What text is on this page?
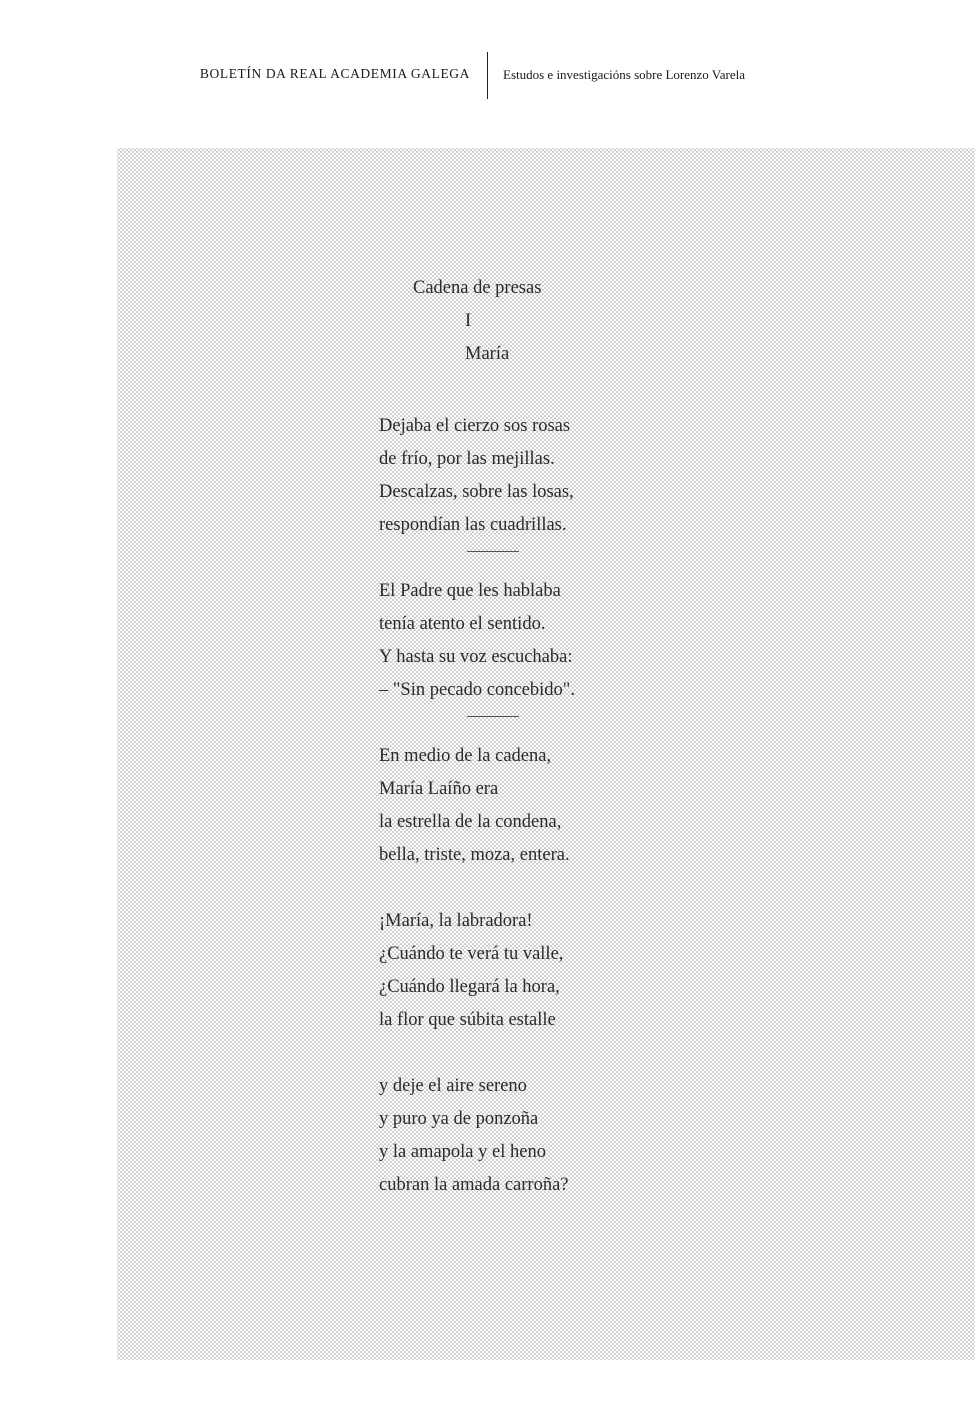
BOLETÍN DA REAL ACADEMIA GALEGA	Estudos e investigacións sobre Lorenzo Varela
Cadena de presas
I
María
Dejaba el cierzo sos rosas
de frío, por las mejillas.
Descalzas, sobre las losas,
respondían las cuadrillas.
El Padre que les hablaba
tenía atento el sentido.
Y hasta su voz escuchaba:
– "Sin pecado concebido".
En medio de la cadena,
María Laíño era
la estrella de la condena,
bella, triste, moza, entera.
¡María, la labradora!
¿Cuándo te verá tu valle,
¿Cuándo llegará la hora,
la flor que súbita estalle
y deje el aire sereno
y puro ya de ponzoña
y la amapola y el heno
cubran la amada carroña?
